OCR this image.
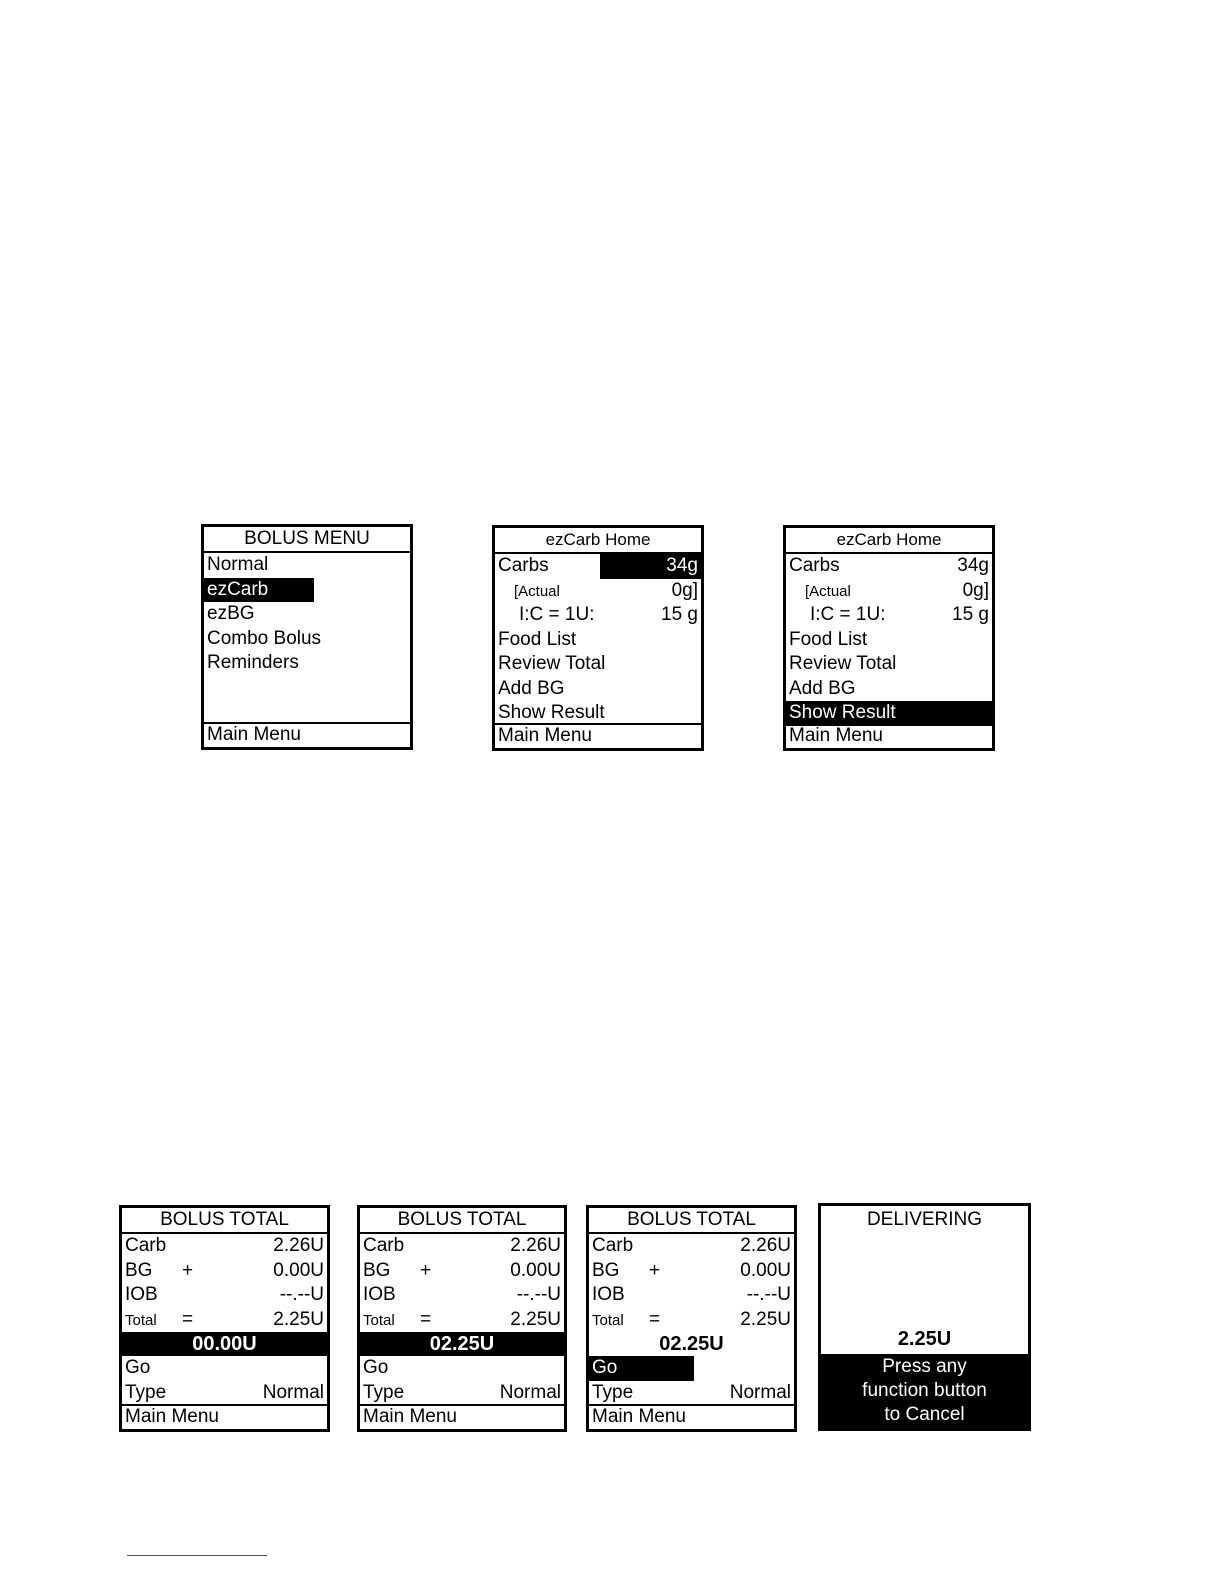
BOLUS MENU
Normal
ezCarb
ezBG
Combo Bolus
Reminders
Main Menu
ezCarb Home
Carbs	34g
[Actual	0g]
I:C = 1U:	15 g
Food List
Review Total
Add BG
Show Result
Main Menu
ezCarb Home
Carbs	34g
[Actual	0g]
I:C = 1U:	15 g
Food List
Review Total
Add BG
Show Result
Main Menu
BOLUS TOTAL
Carb	2.26U
BG +	0.00U
IOB	--.--U
Total =	2.25U
00.00U
Go
Type	Normal
Main Menu
BOLUS TOTAL
Carb	2.26U
BG +	0.00U
IOB	--.--U
Total =	2.25U
02.25U
Go
Type	Normal
Main Menu
BOLUS TOTAL
Carb	2.26U
BG +	0.00U
IOB	--.--U
Total =	2.25U
02.25U
Go
Type	Normal
Main Menu
DELIVERING
2.25U
Press any
function button
to Cancel
